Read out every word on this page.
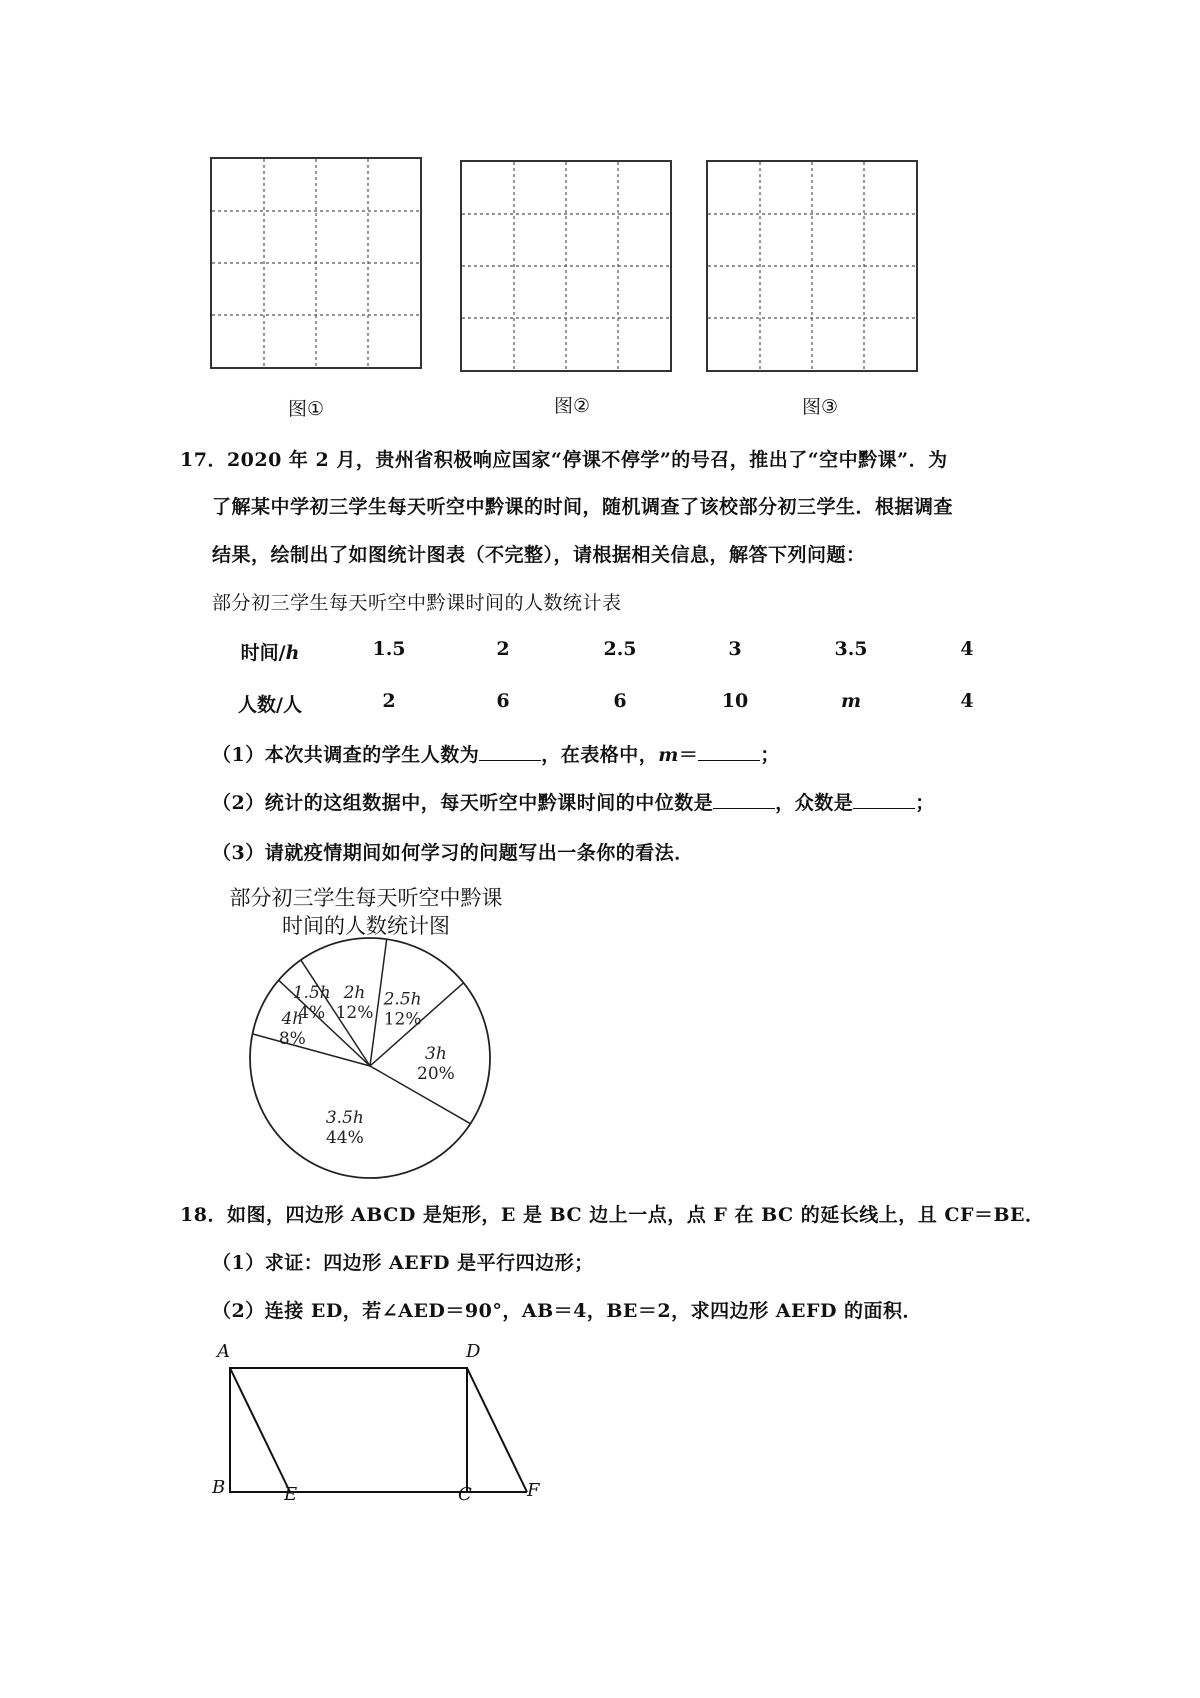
图①	图②	图③
17．2020 年 2 月，贵州省积极响应国家“停课不停学”的号召，推出了“空中黔课”．为
了解某中学初三学生每天听空中黔课的时间，随机调查了该校部分初三学生．根据调查
结果，绘制出了如图统计图表（不完整），请根据相关信息，解答下列问题：
部分初三学生每天听空中黔课时间的人数统计表
时间/h	1.5	2	2.5	3	3.5	4
人数/人	2	6	6	10	m	4
（1）本次共调查的学生人数为	，在表格中，m＝	；
（2）统计的这组数据中，每天听空中黔课时间的中位数是	，众数是	；
（3）请就疫情期间如何学习的问题写出一条你的看法．
部分初三学生每天听空中黔课
时间的人数统计图
2.5h
12%
3h
20%
3.5h
44%
4h
8%
1.5h
4%
2h
12%
18．如图，四边形 ABCD 是矩形，E 是 BC 边上一点，点 F 在 BC 的延长线上，且 CF＝BE．
（1）求证：四边形 AEFD 是平行四边形；
（2）连接 ED，若∠AED＝90°，AB＝4，BE＝2，求四边形 AEFD 的面积．
A	D
B	E	C	F
